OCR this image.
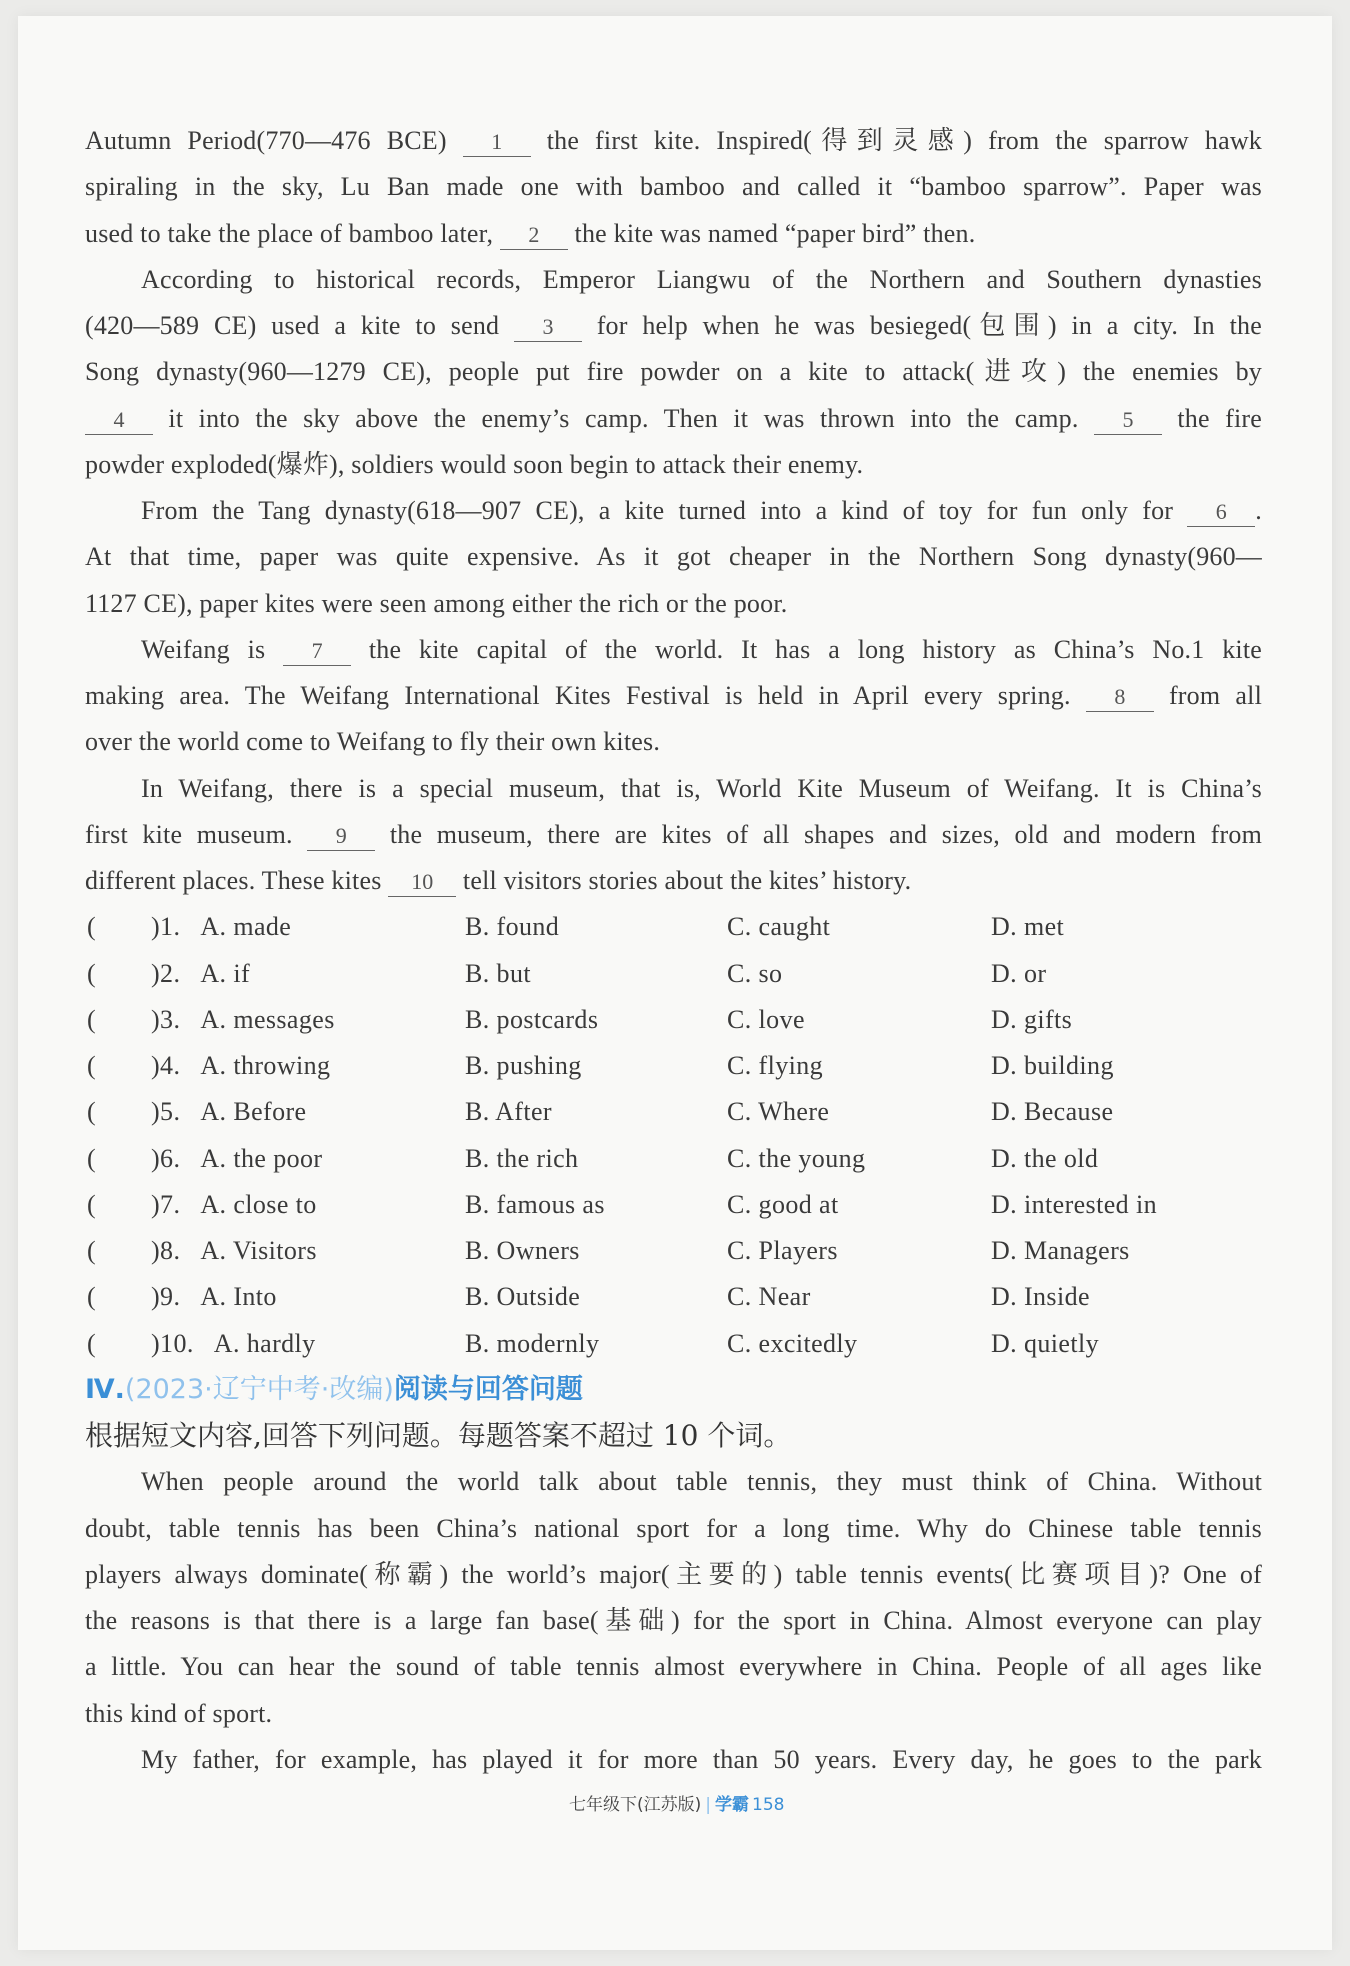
Autumn Period(770—476 BCE) 1 the first kite. Inspired(得到灵感) from the sparrow hawk
spiraling in the sky, Lu Ban made one with bamboo and called it “bamboo sparrow”. Paper was
used to take the place of bamboo later, 2 the kite was named “paper bird” then.
According to historical records, Emperor Liangwu of the Northern and Southern dynasties
(420—589 CE) used a kite to send 3 for help when he was besieged(包围) in a city. In the
Song dynasty(960—1279 CE), people put fire powder on a kite to attack(进攻) the enemies by
4 it into the sky above the enemy’s camp. Then it was thrown into the camp. 5 the fire
powder exploded(爆炸), soldiers would soon begin to attack their enemy.
From the Tang dynasty(618—907 CE), a kite turned into a kind of toy for fun only for 6 .
At that time, paper was quite expensive. As it got cheaper in the Northern Song dynasty(960—
1127 CE), paper kites were seen among either the rich or the poor.
Weifang is 7 the kite capital of the world. It has a long history as China’s No.1 kite
making area. The Weifang International Kites Festival is held in April every spring. 8 from all
over the world come to Weifang to fly their own kites.
In Weifang, there is a special museum, that is, World Kite Museum of Weifang. It is China’s
first kite museum. 9 the museum, there are kites of all shapes and sizes, old and modern from
different places. These kites 10 tell visitors stories about the kites’ history.
( )1. A. made	B. found	C. caught	D. met
( )2. A. if	B. but	C. so	D. or
( )3. A. messages	B. postcards	C. love	D. gifts
( )4. A. throwing	B. pushing	C. flying	D. building
( )5. A. Before	B. After	C. Where	D. Because
( )6. A. the poor	B. the rich	C. the young	D. the old
( )7. A. close to	B. famous as	C. good at	D. interested in
( )8. A. Visitors	B. Owners	C. Players	D. Managers
( )9. A. Into	B. Outside	C. Near	D. Inside
( )10. A. hardly	B. modernly	C. excitedly	D. quietly
Ⅳ.(2023·辽宁中考·改编)阅读与回答问题
根据短文内容,回答下列问题。每题答案不超过 10 个词。
When people around the world talk about table tennis, they must think of China. Without
doubt, table tennis has been China’s national sport for a long time. Why do Chinese table tennis
players always dominate(称霸) the world’s major(主要的) table tennis events(比赛项目)? One of
the reasons is that there is a large fan base(基础) for the sport in China. Almost everyone can play
a little. You can hear the sound of table tennis almost everywhere in China. People of all ages like
this kind of sport.
My father, for example, has played it for more than 50 years. Every day, he goes to the park
七年级下(江苏版) | 学霸 158
